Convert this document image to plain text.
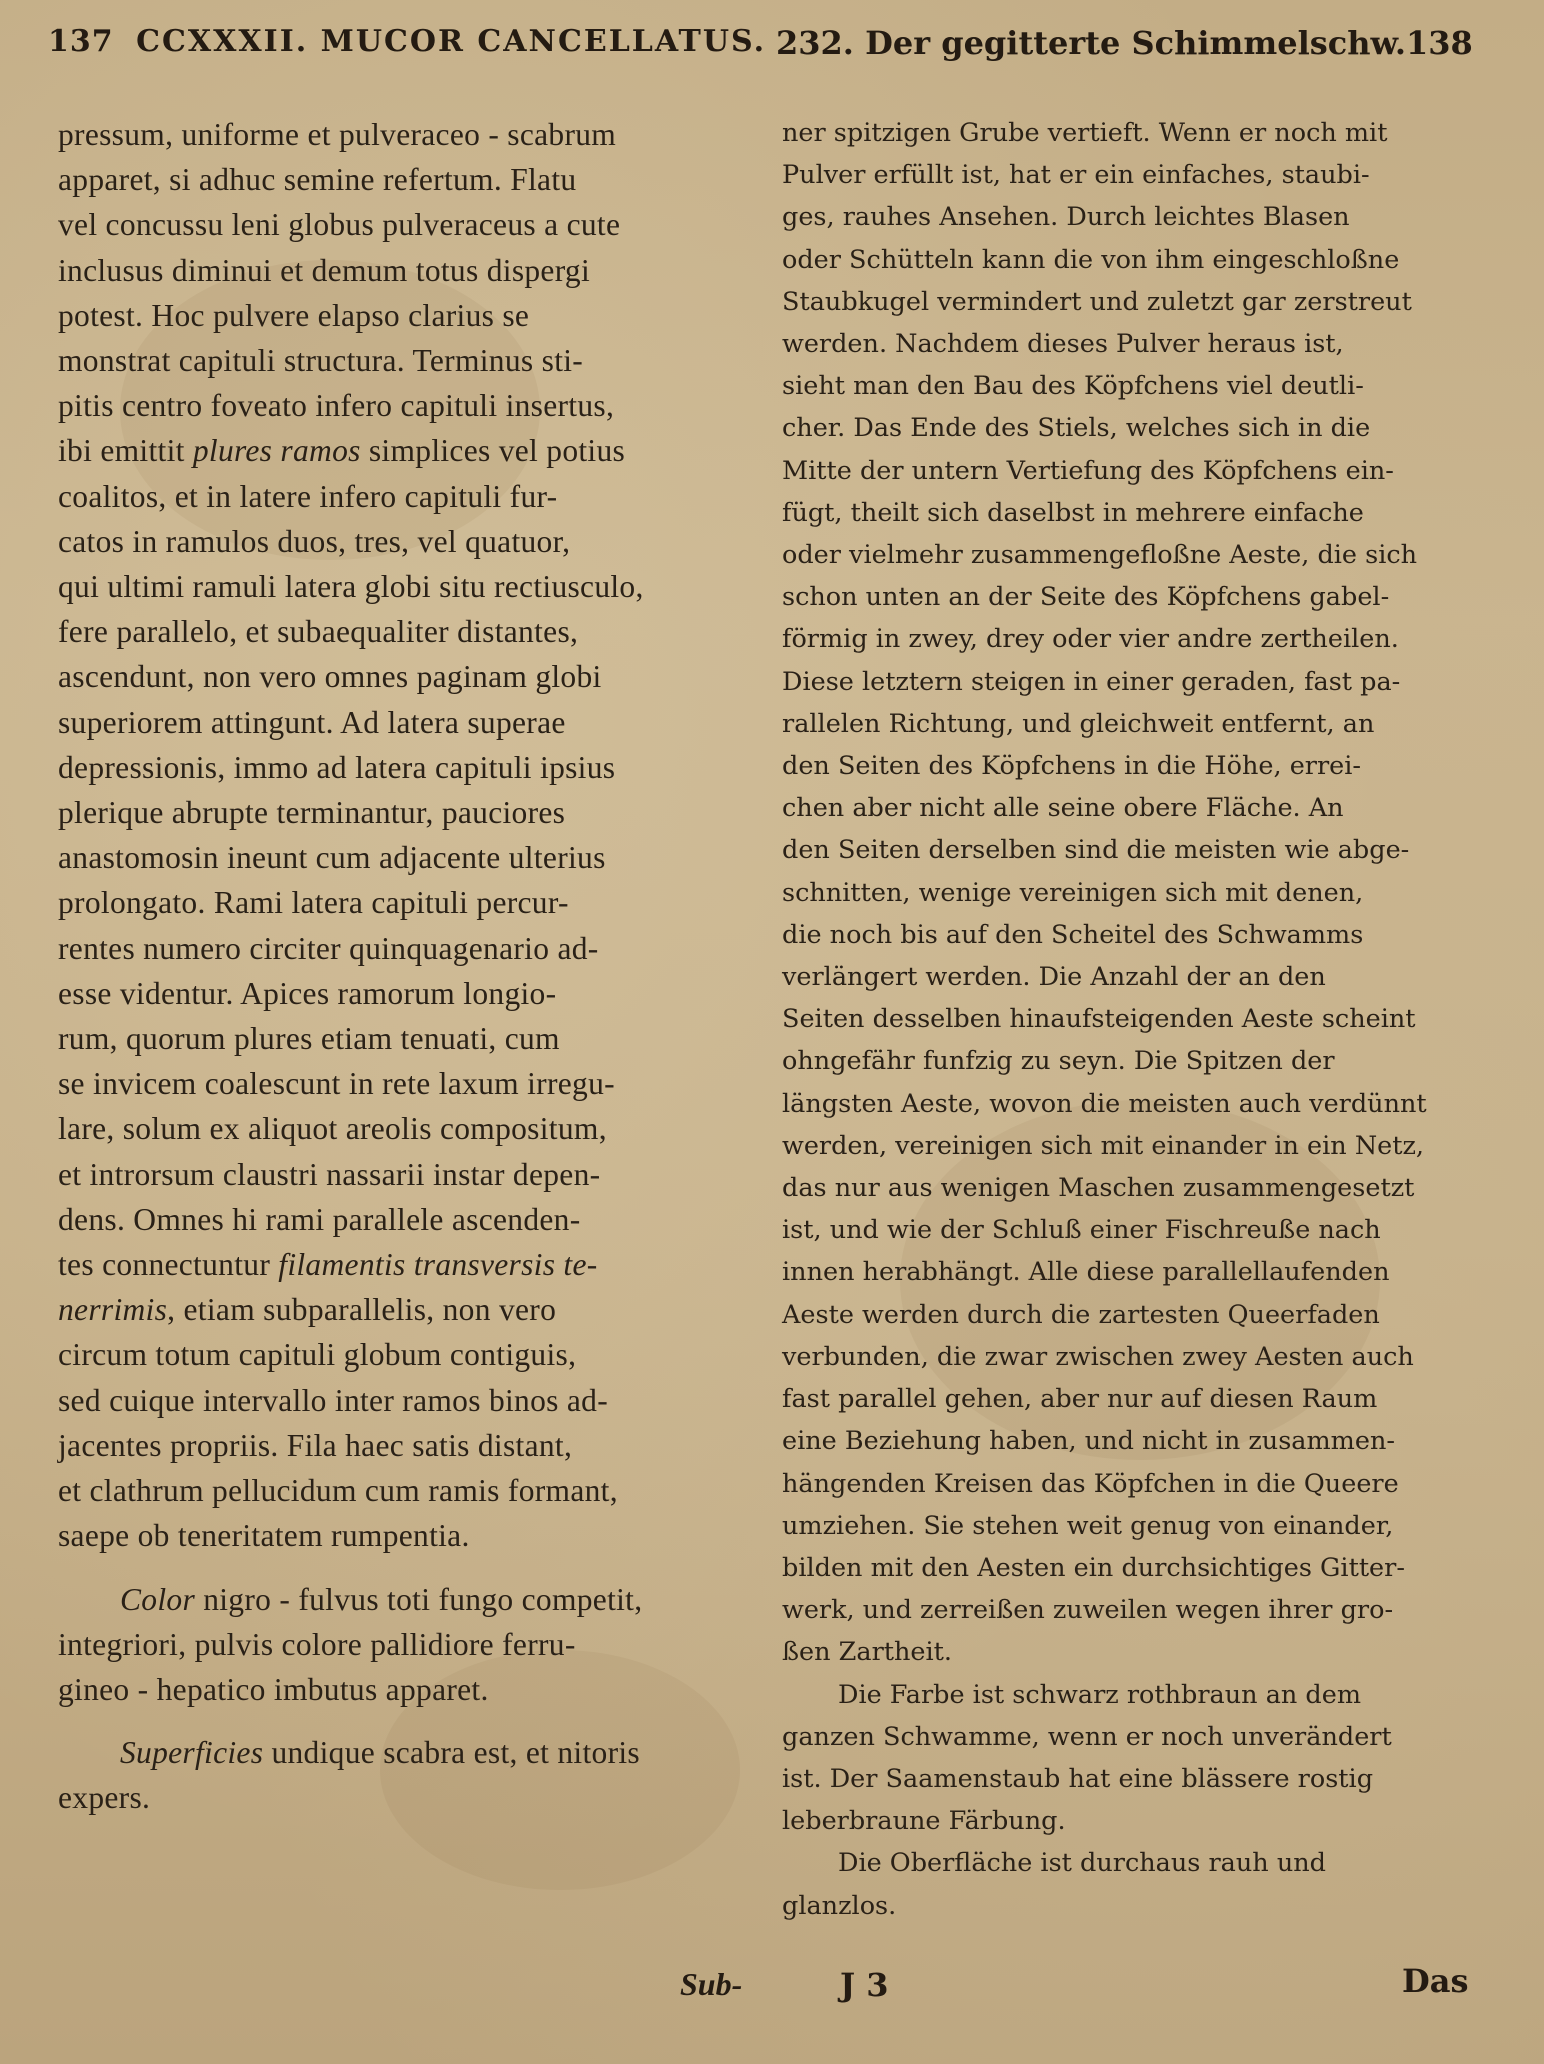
137 CCXXXII. MUCOR CANCELLATUS. 232. Der gegitterte Schimmelschw. 138
pressum, uniforme et pulveraceo - scabrum
apparet, si adhuc semine refertum. Flatu
vel concussu leni globus pulveraceus a cute
inclusus diminui et demum totus dispergi
potest. Hoc pulvere elapso clarius se
monstrat capituli structura. Terminus sti-
pitis centro foveato infero capituli insertus,
ibi emittit plures ramos simplices vel potius
coalitos, et in latere infero capituli fur-
catos in ramulos duos, tres, vel quatuor,
qui ultimi ramuli latera globi situ rectiusculo,
fere parallelo, et subaequaliter distantes,
ascendunt, non vero omnes paginam globi
superiorem attingunt. Ad latera superae
depressionis, immo ad latera capituli ipsius
plerique abrupte terminantur, pauciores
anastomosin ineunt cum adjacente ulterius
prolongato. Rami latera capituli percur-
rentes numero circiter quinquagenario ad-
esse videntur. Apices ramorum longio-
rum, quorum plures etiam tenuati, cum
se invicem coalescunt in rete laxum irregu-
lare, solum ex aliquot areolis compositum,
et introrsum claustri nassarii instar depen-
dens. Omnes hi rami parallele ascenden-
tes connectuntur filamentis transversis te-
nerrimis, etiam subparallelis, non vero
circum totum capituli globum contiguis,
sed cuique intervallo inter ramos binos ad-
jacentes propriis. Fila haec satis distant,
et clathrum pellucidum cum ramis formant,
saepe ob teneritatem rumpentia.
Color nigro - fulvus toti fungo competit,
integriori, pulvis colore pallidiore ferru-
gineo - hepatico imbutus apparet.
Superficies undique scabra est, et nitoris
expers.
ner spitzigen Grube vertieft. Wenn er noch mit
Pulver erfüllt ist, hat er ein einfaches, staubi-
ges, rauhes Ansehen. Durch leichtes Blasen
oder Schütteln kann die von ihm eingeschloßne
Staubkugel vermindert und zuletzt gar zerstreut
werden. Nachdem dieses Pulver heraus ist,
sieht man den Bau des Köpfchens viel deutli-
cher. Das Ende des Stiels, welches sich in die
Mitte der untern Vertiefung des Köpfchens ein-
fügt, theilt sich daselbst in mehrere einfache
oder vielmehr zusammengefloßne Aeste, die sich
schon unten an der Seite des Köpfchens gabel-
förmig in zwey, drey oder vier andre zertheilen.
Diese letztern steigen in einer geraden, fast pa-
rallelen Richtung, und gleichweit entfernt, an
den Seiten des Köpfchens in die Höhe, errei-
chen aber nicht alle seine obere Fläche. An
den Seiten derselben sind die meisten wie abge-
schnitten, wenige vereinigen sich mit denen,
die noch bis auf den Scheitel des Schwamms
verlängert werden. Die Anzahl der an den
Seiten desselben hinaufsteigenden Aeste scheint
ohngefähr funfzig zu seyn. Die Spitzen der
längsten Aeste, wovon die meisten auch verdünnt
werden, vereinigen sich mit einander in ein Netz,
das nur aus wenigen Maschen zusammengesetzt
ist, und wie der Schluß einer Fischreuße nach
innen herabhängt. Alle diese parallellaufenden
Aeste werden durch die zartesten Queerfaden
verbunden, die zwar zwischen zwey Aesten auch
fast parallel gehen, aber nur auf diesen Raum
eine Beziehung haben, und nicht in zusammen-
hängenden Kreisen das Köpfchen in die Queere
umziehen. Sie stehen weit genug von einander,
bilden mit den Aesten ein durchsichtiges Gitter-
werk, und zerreißen zuweilen wegen ihrer gro-
ßen Zartheit.
Die Farbe ist schwarz rothbraun an dem
ganzen Schwamme, wenn er noch unverändert
ist. Der Saamenstaub hat eine blässere rostig
leberbraune Färbung.
Die Oberfläche ist durchaus rauh und
glanzlos.
Sub-	J 3	Das
